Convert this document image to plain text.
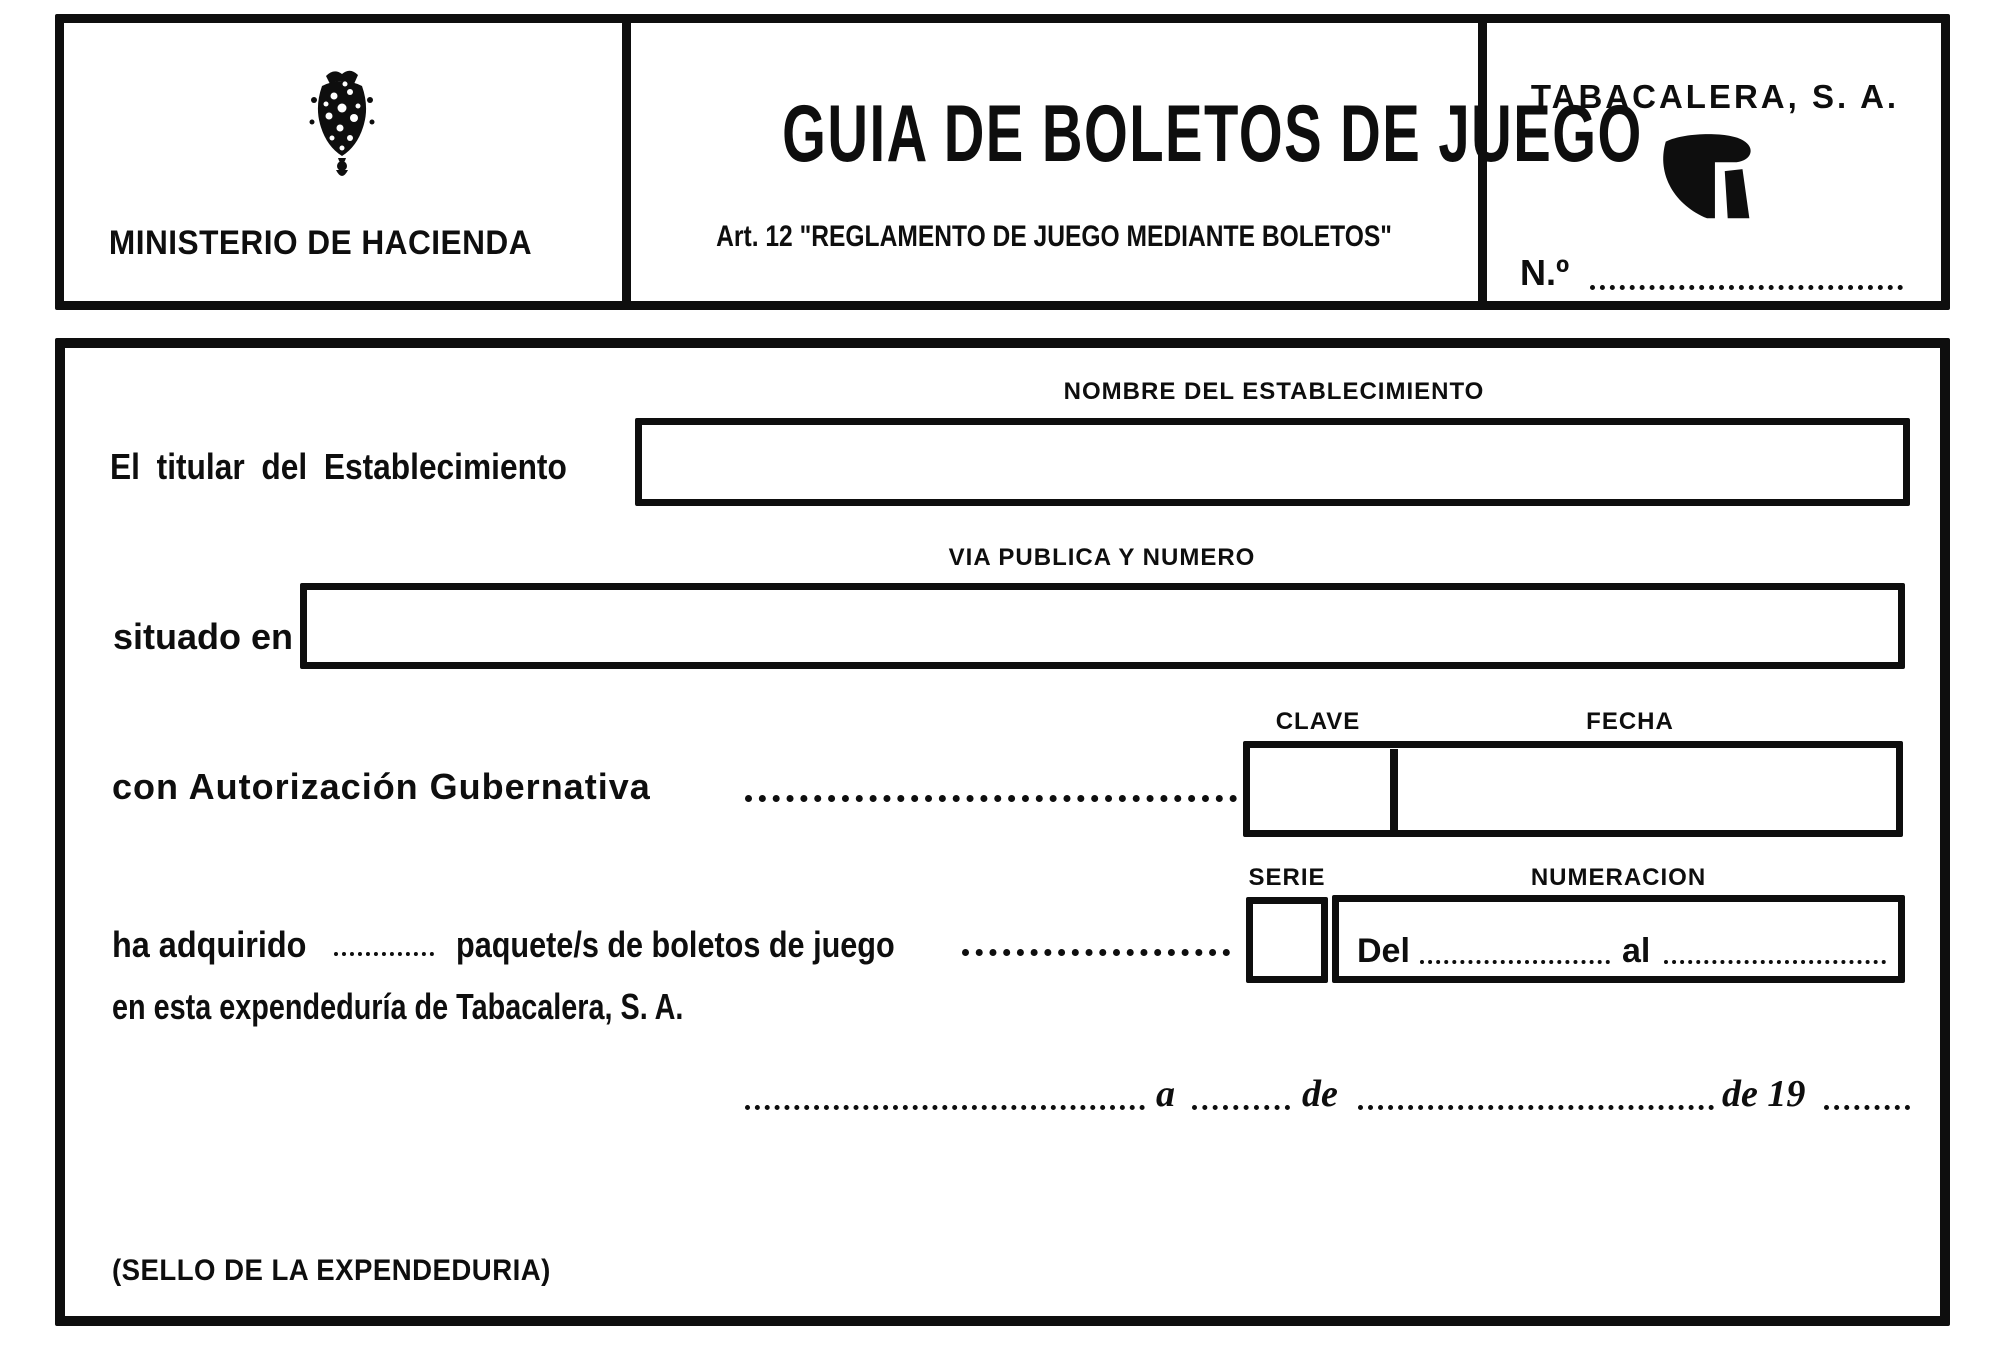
MINISTERIO DE HACIENDA
GUIA DE BOLETOS DE JUEGO
Art. 12 "REGLAMENTO DE JUEGO MEDIANTE BOLETOS"
TABACALERA, S. A.
N.º
NOMBRE DEL ESTABLECIMIENTO
El titular del Establecimiento
VIA PUBLICA Y NUMERO
situado en
CLAVE	FECHA
con Autorización Gubernativa
SERIE	NUMERACION
Del	al
ha adquirido	paquete/s de boletos de juego
en esta expendeduría de Tabacalera, S. A.
a	de	de 19
(SELLO DE LA EXPENDEDURIA)
